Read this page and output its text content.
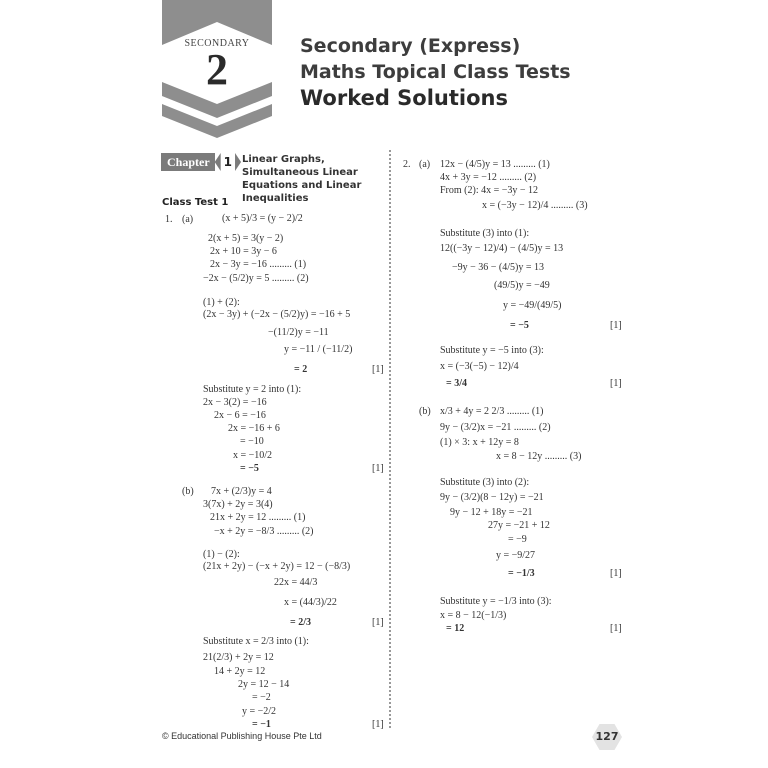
SECONDARY
2	Secondary (Express)
Maths Topical Class Tests
Worked Solutions
Chapter	1 Linear Graphs, Simultaneous Linear Equations and Linear Inequalities
Class Test 1
1. (a)	(x + 5)/3 = (y − 2)/2
2(x + 5) = 3(y − 2)
2x + 10 = 3y − 6
2x − 3y = −16 ......... (1)
−2x − (5/2)y = 5 ......... (2)
(1) + (2):
(2x − 3y) + (−2x − (5/2)y) = −16 + 5
−(11/2)y = −11
y = −11 / (−11/2)
= 2	[1]
Substitute y = 2 into (1):
2x − 3(2) = −16
2x − 6 = −16
2x = −16 + 6
= −10
x = −10/2
= −5	[1]
(b) 7x + (2/3)y = 4
3(7x) + 2y = 3(4)
21x + 2y = 12 ......... (1)
−x + 2y = −8/3 ......... (2)
(1) − (2):
(21x + 2y) − (−x + 2y) = 12 − (−8/3)
22x = 44/3
x = (44/3)/22
= 2/3	[1]
Substitute x = 2/3 into (1):
21(2/3) + 2y = 12
14 + 2y = 12
2y = 12 − 14
= −2
y = −2/2
= −1	[1]
2. (a) 12x − (4/5)y = 13 ......... (1)
4x + 3y = −12 ......... (2)
From (2): 4x = −3y − 12
x = (−3y − 12)/4 ......... (3)
Substitute (3) into (1):
12((−3y − 12)/4) − (4/5)y = 13
−9y − 36 − (4/5)y = 13
(49/5)y = −49
y = −49/(49/5)
= −5	[1]
Substitute y = −5 into (3):
x = (−3(−5) − 12)/4
= 3/4	[1]
(b) x/3 + 4y = 2 2/3 ......... (1)
9y − (3/2)x = −21 ......... (2)
(1) × 3: x + 12y = 8
x = 8 − 12y ......... (3)
Substitute (3) into (2):
9y − (3/2)(8 − 12y) = −21
9y − 12 + 18y = −21
27y = −21 + 12
= −9
y = −9/27
= −1/3	[1]
Substitute y = −1/3 into (3):
x = 8 − 12(−1/3)
= 12	[1]
© Educational Publishing House Pte Ltd	127
